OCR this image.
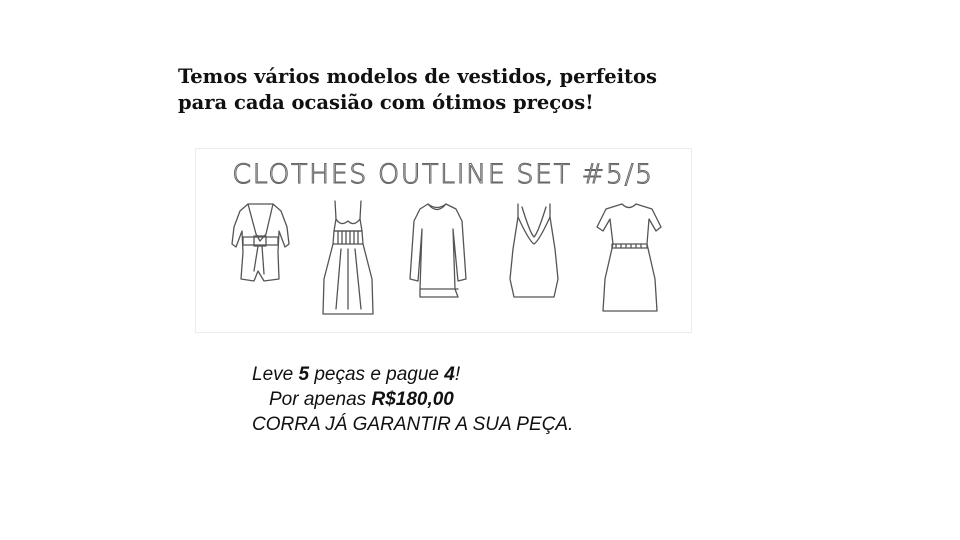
Temos vários modelos de vestidos, perfeitos
para cada ocasião com ótimos preços!
CLOTHES OUTLINE SET #5/5
Leve 5 peças e pague 4!
Por apenas R$180,00
CORRA JÁ GARANTIR A SUA PEÇA.
